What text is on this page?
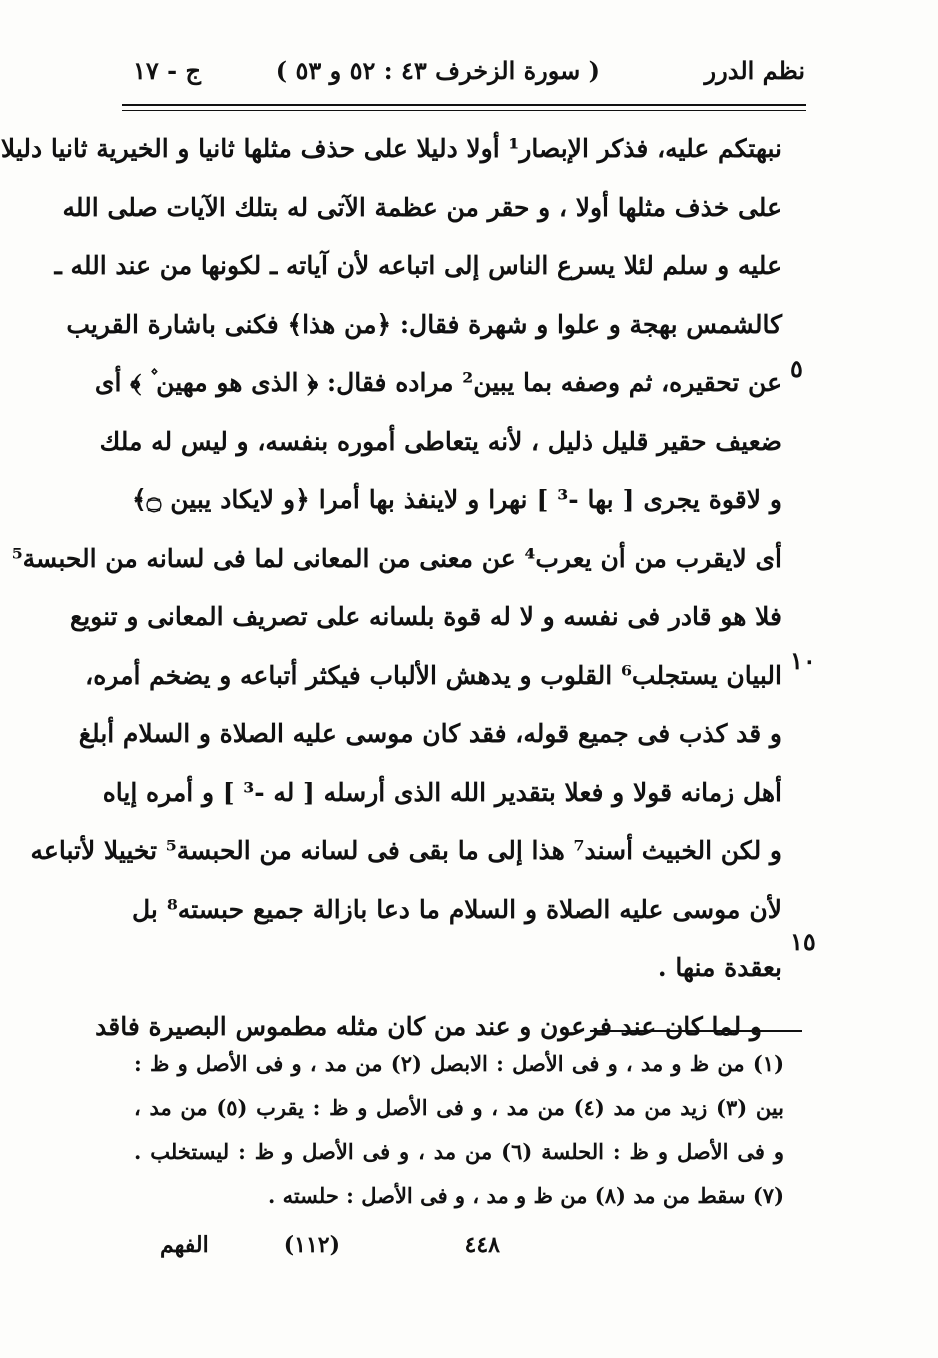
نظم الدرر
( سورة الزخرف ٤٣ : ٥٢ و ٥٣ )
ج - ١٧
نبهتكم عليه، فذكر الإبصار¹ أولا دليلا على حذف مثلها ثانيا و الخيرية ثانيا دليلا
على خذف مثلها أولا ، و حقر من عظمة الآتى له بتلك الآيات صلى الله
عليه و سلم لئلا يسرع الناس إلى اتباعه لأن آياته ـ لكونها من عند الله ـ
كالشمس بهجة و علوا و شهرة فقال: ﴿من هذا﴾ فكنى باشارة القريب
عن تحقيره، ثم وصفه بما يبين² مراده فقال: ﴿ الذى هو مهين ۫ ﴾ أى
ضعيف حقير قليل ذليل ، لأنه يتعاطى أموره بنفسه، و ليس له ملك
و لاقوة يجرى [ بها -³ ] نهرا و لاينفذ بها أمرا ﴿و لايكاد يبين ۝﴾
أى لايقرب من أن يعرب⁴ عن معنى من المعانى لما فى لسانه من الحبسة⁵
فلا هو قادر فى نفسه و لا له قوة بلسانه على تصريف المعانى و تنويع
البيان يستجلب⁶ القلوب و يدهش الألباب فيكثر أتباعه و يضخم أمره،
و قد كذب فى جميع قوله، فقد كان موسى عليه الصلاة و السلام أبلغ
أهل زمانه قولا و فعلا بتقدير الله الذى أرسله [ له -³ ] و أمره إياه
و لكن الخبيث أسند⁷ هذا إلى ما بقى فى لسانه من الحبسة⁵ تخييلا لأتباعه
لأن موسى عليه الصلاة و السلام ما دعا بازالة جميع حبسته⁸ بل
بعقدة منها .
و لما كان عند فرعون و عند من كان مثله مطموس البصيرة فاقد
٥
١٠
١٥
(١) من ظ و مد ، و فى الأصل : الابصل (٢) من مد ، و فى الأصل و ظ :
بين (٣) زيد من مد (٤) من مد ، و فى الأصل و ظ : يقرب (٥) من مد ،
و فى الأصل و ظ : الحلسة (٦) من مد ، و فى الأصل و ظ : ليستخلب .
(٧) سقط من مد (٨) من ظ و مد ، و فى الأصل : حلسته .
٤٤٨
(١١٢)
الفهم
